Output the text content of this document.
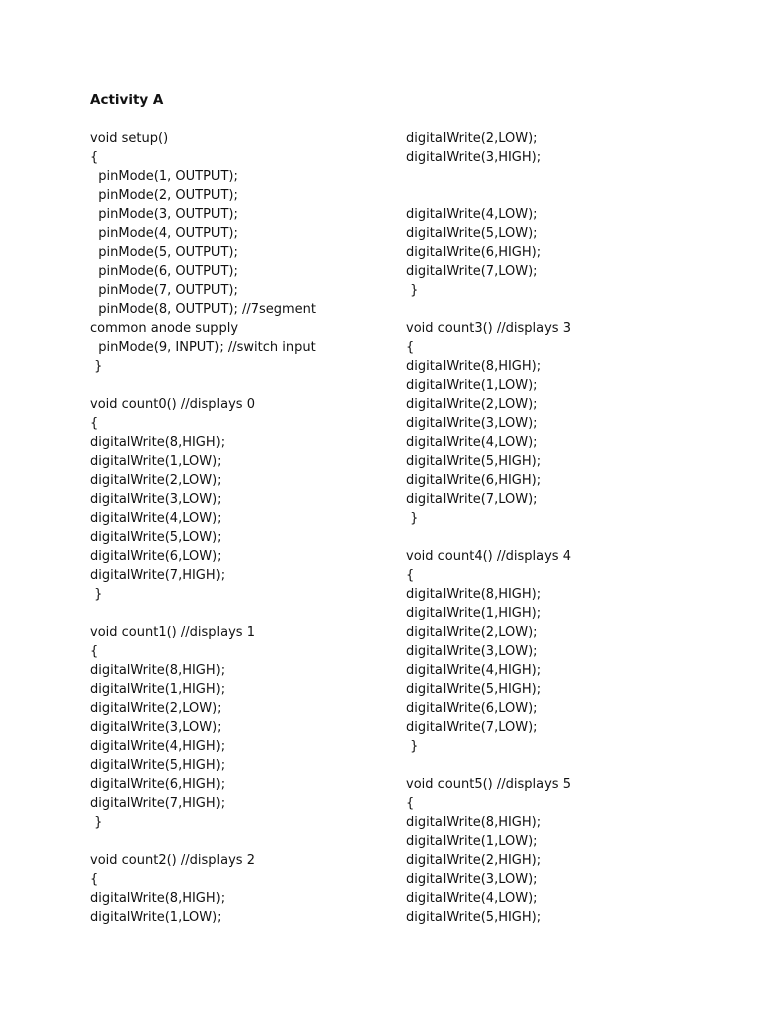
Activity A
void setup()
{
pinMode(1, OUTPUT);
pinMode(2, OUTPUT);
pinMode(3, OUTPUT);
pinMode(4, OUTPUT);
pinMode(5, OUTPUT);
pinMode(6, OUTPUT);
pinMode(7, OUTPUT);
pinMode(8, OUTPUT); //7segment
common anode supply
pinMode(9, INPUT); //switch input
}
void count0() //displays 0
{
digitalWrite(8,HIGH);
digitalWrite(1,LOW);
digitalWrite(2,LOW);
digitalWrite(3,LOW);
digitalWrite(4,LOW);
digitalWrite(5,LOW);
digitalWrite(6,LOW);
digitalWrite(7,HIGH);
}
void count1() //displays 1
{
digitalWrite(8,HIGH);
digitalWrite(1,HIGH);
digitalWrite(2,LOW);
digitalWrite(3,LOW);
digitalWrite(4,HIGH);
digitalWrite(5,HIGH);
digitalWrite(6,HIGH);
digitalWrite(7,HIGH);
}
void count2() //displays 2
{
digitalWrite(8,HIGH);
digitalWrite(1,LOW);
digitalWrite(2,LOW);
digitalWrite(3,HIGH);
digitalWrite(4,LOW);
digitalWrite(5,LOW);
digitalWrite(6,HIGH);
digitalWrite(7,LOW);
}
void count3() //displays 3
{
digitalWrite(8,HIGH);
digitalWrite(1,LOW);
digitalWrite(2,LOW);
digitalWrite(3,LOW);
digitalWrite(4,LOW);
digitalWrite(5,HIGH);
digitalWrite(6,HIGH);
digitalWrite(7,LOW);
}
void count4() //displays 4
{
digitalWrite(8,HIGH);
digitalWrite(1,HIGH);
digitalWrite(2,LOW);
digitalWrite(3,LOW);
digitalWrite(4,HIGH);
digitalWrite(5,HIGH);
digitalWrite(6,LOW);
digitalWrite(7,LOW);
}
void count5() //displays 5
{
digitalWrite(8,HIGH);
digitalWrite(1,LOW);
digitalWrite(2,HIGH);
digitalWrite(3,LOW);
digitalWrite(4,LOW);
digitalWrite(5,HIGH);
